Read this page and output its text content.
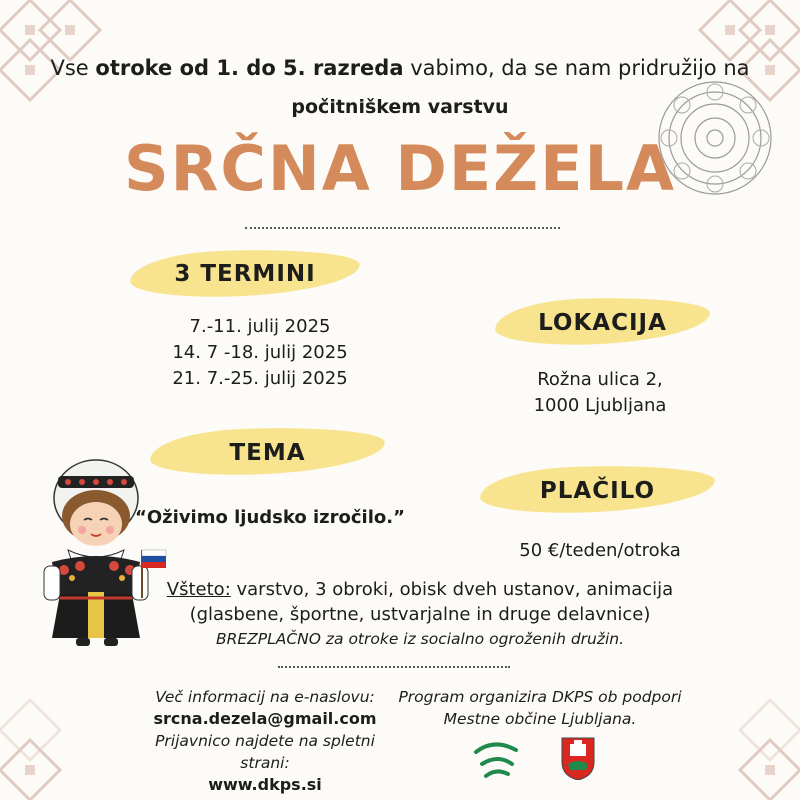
Vse otroke od 1. do 5. razreda vabimo, da se nam pridružijo na
počitniškem varstvu
SRČNA DEŽELA
3 TERMINI
7.-11. julij 2025
14. 7 -18. julij 2025
21. 7.-25. julij 2025
LOKACIJA
Rožna ulica 2,
1000 Ljubljana
TEMA
“Oživimo ljudsko izročilo.”
PLAČILO
50 €/teden/otroka
Všteto: varstvo, 3 obroki, obisk dveh ustanov, animacija
(glasbene, športne, ustvarjalne in druge delavnice)
BREZPLAČNO za otroke iz socialno ogroženih družin.
Več informacij na e-naslovu:
srcna.dezela@gmail.com
Prijavnico najdete na spletni strani:
www.dkps.si
Program organizira DKPS ob podpori
Mestne občine Ljubljana.
